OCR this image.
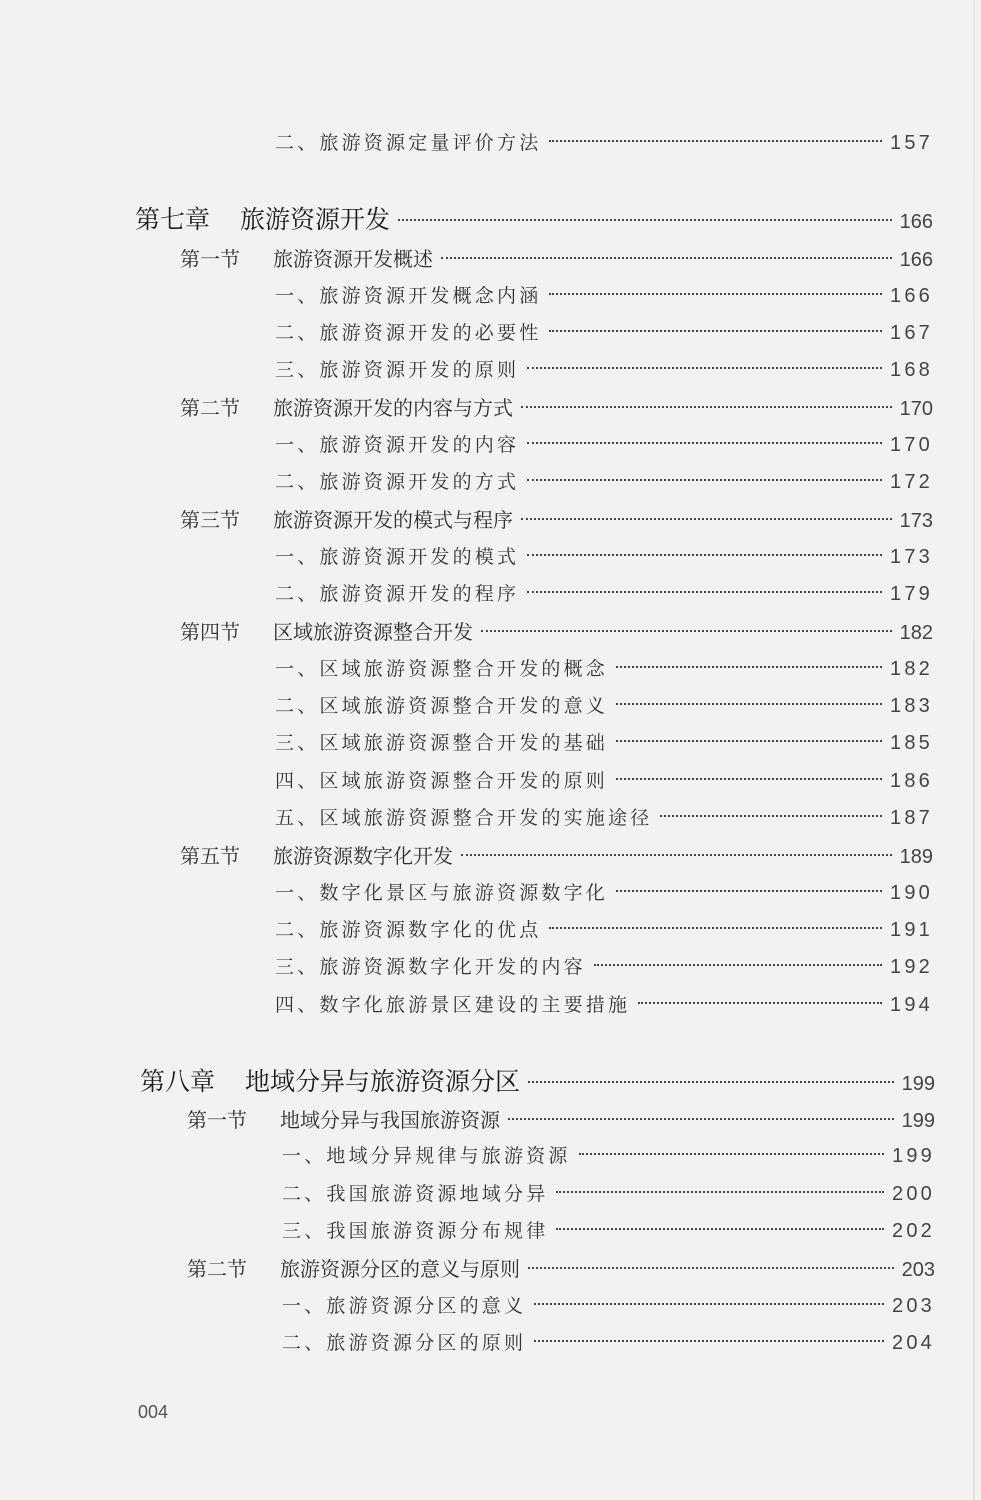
二、旅游资源定量评价方法	157
第七章 旅游资源开发	166
第一节 旅游资源开发概述	166
一、旅游资源开发概念内涵	166
二、旅游资源开发的必要性	167
三、旅游资源开发的原则	168
第二节 旅游资源开发的内容与方式	170
一、旅游资源开发的内容	170
二、旅游资源开发的方式	172
第三节 旅游资源开发的模式与程序	173
一、旅游资源开发的模式	173
二、旅游资源开发的程序	179
第四节 区域旅游资源整合开发	182
一、区域旅游资源整合开发的概念	182
二、区域旅游资源整合开发的意义	183
三、区域旅游资源整合开发的基础	185
四、区域旅游资源整合开发的原则	186
五、区域旅游资源整合开发的实施途径	187
第五节 旅游资源数字化开发	189
一、数字化景区与旅游资源数字化	190
二、旅游资源数字化的优点	191
三、旅游资源数字化开发的内容	192
四、数字化旅游景区建设的主要措施	194
第八章 地域分异与旅游资源分区	199
第一节 地域分异与我国旅游资源	199
一、地域分异规律与旅游资源	199
二、我国旅游资源地域分异	200
三、我国旅游资源分布规律	202
第二节 旅游资源分区的意义与原则	203
一、旅游资源分区的意义	203
二、旅游资源分区的原则	204
004
